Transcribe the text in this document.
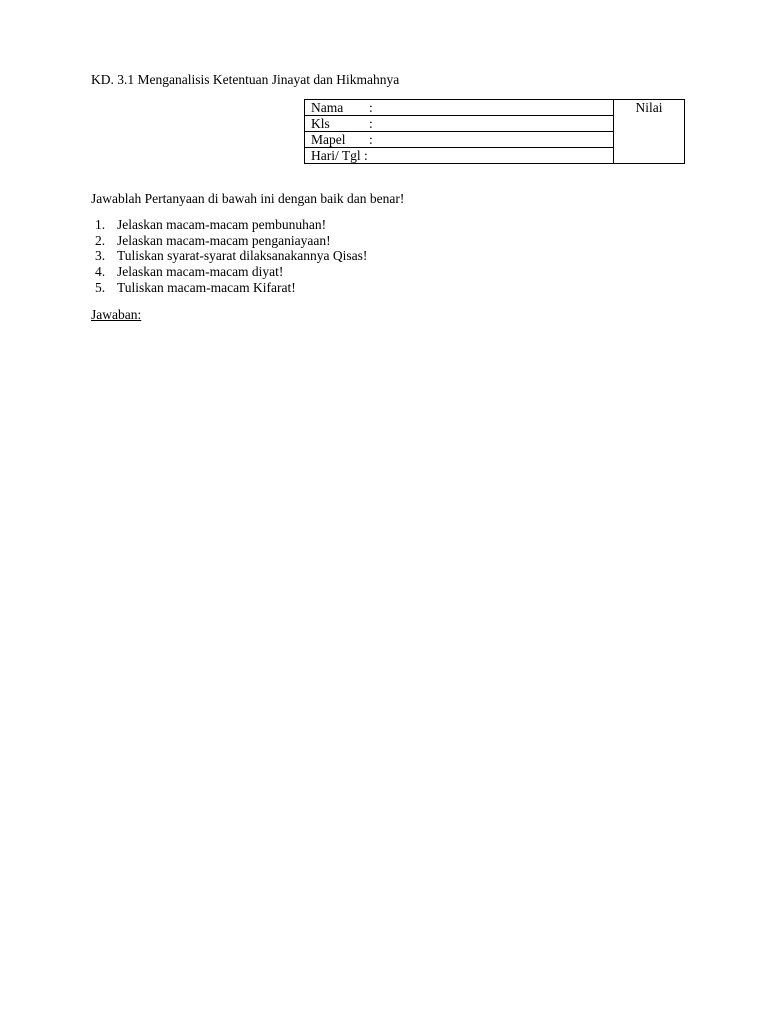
KD. 3.1 Menganalisis Ketentuan Jinayat dan Hikmahnya
Nama :	Nilai
Kls	:
Mapel :
Hari/ Tgl :
Jawablah Pertanyaan di bawah ini dengan baik dan benar!
1. Jelaskan macam-macam pembunuhan!
2. Jelaskan macam-macam penganiayaan!
3. Tuliskan syarat-syarat dilaksanakannya Qisas!
4. Jelaskan macam-macam diyat!
5. Tuliskan macam-macam Kifarat!
Jawaban:
